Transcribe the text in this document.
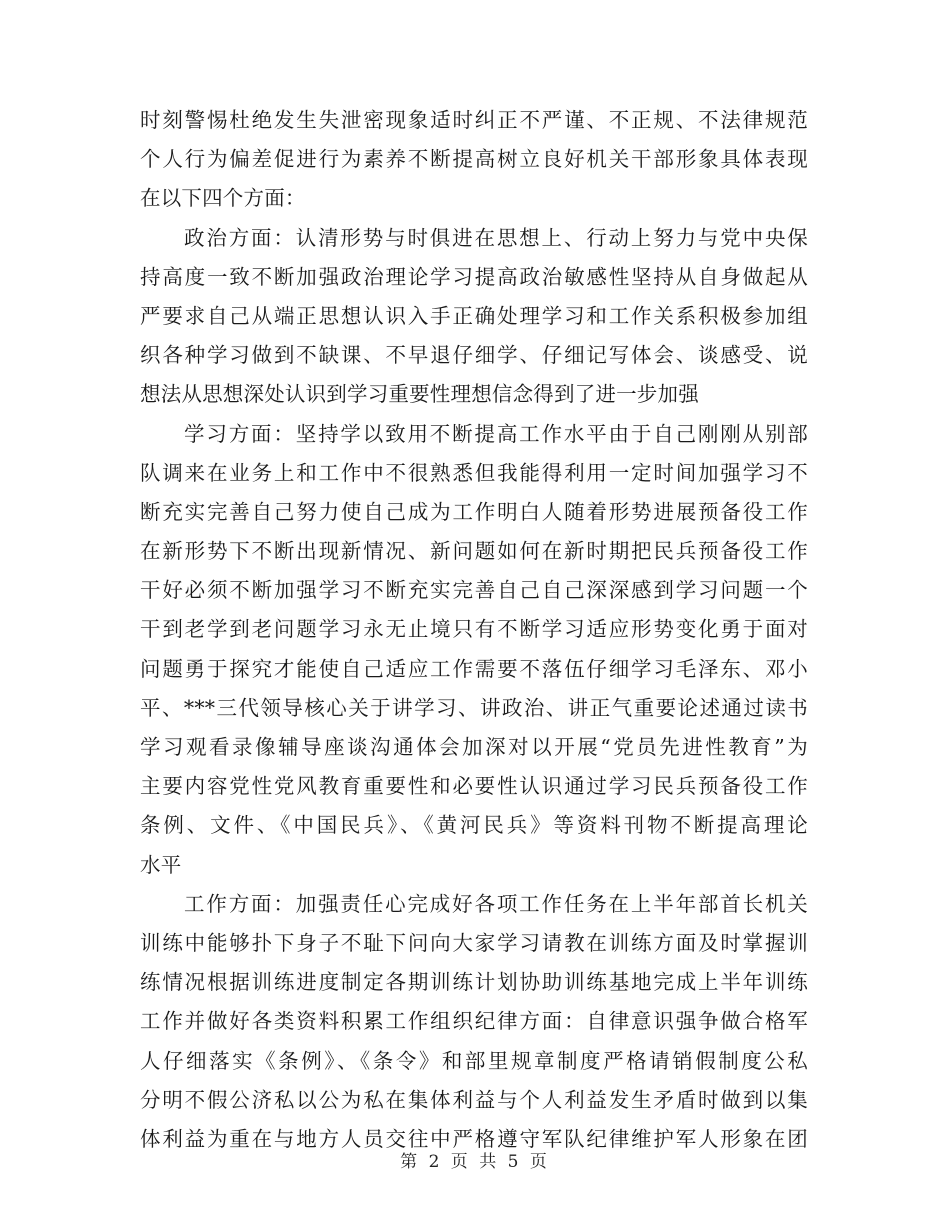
时刻警惕杜绝发生失泄密现象适时纠正不严谨、不正规、不法律规范
个人行为偏差促进行为素养不断提高树立良好机关干部形象具体表现
在以下四个方面：
政治方面：认清形势与时俱进在思想上、行动上努力与党中央保
持高度一致不断加强政治理论学习提高政治敏感性坚持从自身做起从
严要求自己从端正思想认识入手正确处理学习和工作关系积极参加组
织各种学习做到不缺课、不早退仔细学、仔细记写体会、谈感受、说
想法从思想深处认识到学习重要性理想信念得到了进一步加强
学习方面：坚持学以致用不断提高工作水平由于自己刚刚从别部
队调来在业务上和工作中不很熟悉但我能得利用一定时间加强学习不
断充实完善自己努力使自己成为工作明白人随着形势进展预备役工作
在新形势下不断出现新情况、新问题如何在新时期把民兵预备役工作
干好必须不断加强学习不断充实完善自己自己深深感到学习问题一个
干到老学到老问题学习永无止境只有不断学习适应形势变化勇于面对
问题勇于探究才能使自己适应工作需要不落伍仔细学习毛泽东、邓小
平、***三代领导核心关于讲学习、讲政治、讲正气重要论述通过读书
学习观看录像辅导座谈沟通体会加深对以开展“党员先进性教育”为
主要内容党性党风教育重要性和必要性认识通过学习民兵预备役工作
条例、文件、《中国民兵》、《黄河民兵》等资料刊物不断提高理论
水平
工作方面：加强责任心完成好各项工作任务在上半年部首长机关
训练中能够扑下身子不耻下问向大家学习请教在训练方面及时掌握训
练情况根据训练进度制定各期训练计划协助训练基地完成上半年训练
工作并做好各类资料积累工作组织纪律方面：自律意识强争做合格军
人仔细落实《条例》、《条令》和部里规章制度严格请销假制度公私
分明不假公济私以公为私在集体利益与个人利益发生矛盾时做到以集
体利益为重在与地方人员交往中严格遵守军队纪律维护军人形象在团
第 2 页 共 5 页
